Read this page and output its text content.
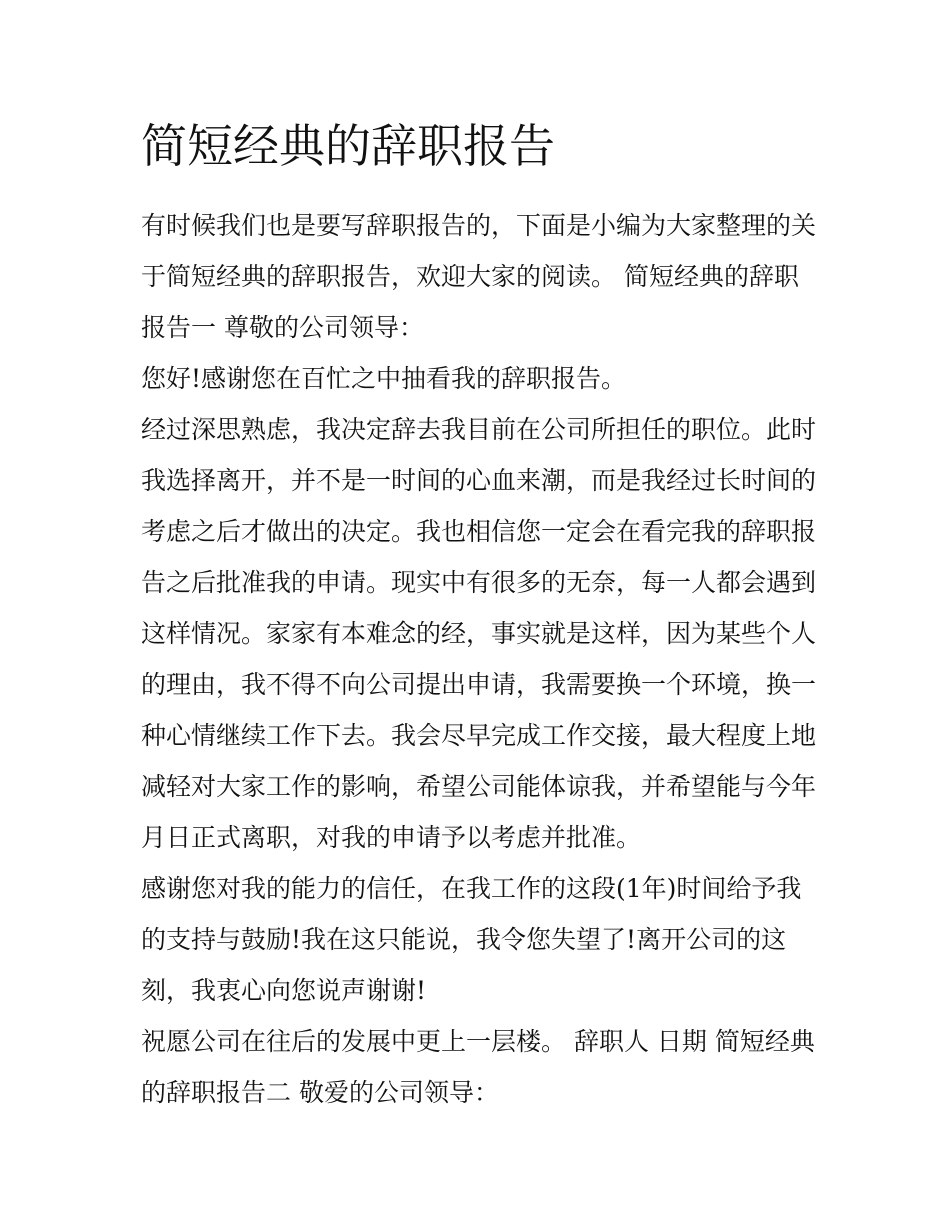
简短经典的辞职报告

有时候我们也是要写辞职报告的，下面是小编为大家整理的关

于简短经典的辞职报告，欢迎大家的阅读。 简短经典的辞职

报告一 尊敬的公司领导：

您好!感谢您在百忙之中抽看我的辞职报告。

经过深思熟虑，我决定辞去我目前在公司所担任的职位。此时

我选择离开，并不是一时间的心血来潮，而是我经过长时间的

考虑之后才做出的决定。我也相信您一定会在看完我的辞职报

告之后批准我的申请。现实中有很多的无奈，每一人都会遇到

这样情况。家家有本难念的经，事实就是这样，因为某些个人

的理由，我不得不向公司提出申请，我需要换一个环境，换一

种心情继续工作下去。我会尽早完成工作交接，最大程度上地

减轻对大家工作的影响，希望公司能体谅我，并希望能与今年

月日正式离职，对我的申请予以考虑并批准。

感谢您对我的能力的信任，在我工作的这段(1年)时间给予我

的支持与鼓励!我在这只能说，我令您失望了!离开公司的这

刻，我衷心向您说声谢谢!

祝愿公司在往后的发展中更上一层楼。 辞职人 日期 简短经典

的辞职报告二 敬爱的公司领导：
